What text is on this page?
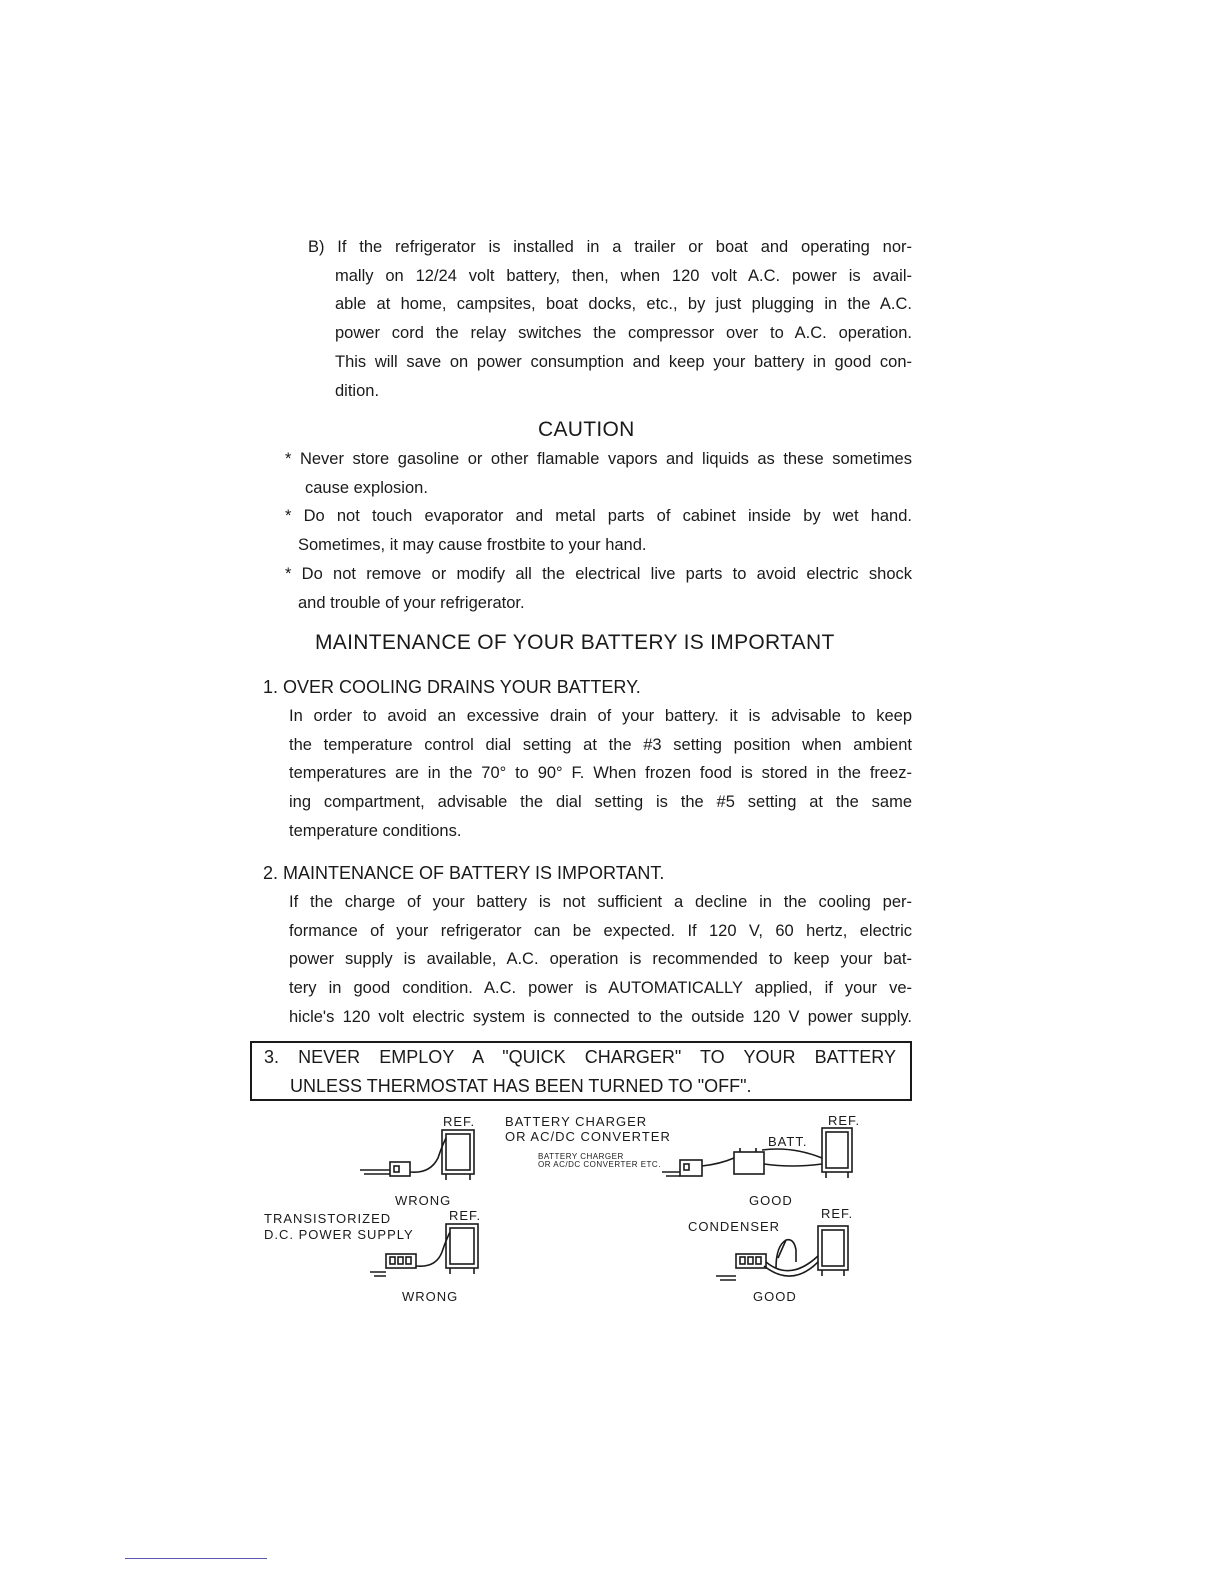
B) If the refrigerator is installed in a trailer or boat and operating nor-
mally on 12/24 volt battery, then, when 120 volt A.C. power is avail-
able at home, campsites, boat docks, etc., by just plugging in the A.C.
power cord the relay switches the compressor over to A.C. operation.
This will save on power consumption and keep your battery in good con-
dition.
CAUTION
* Never store gasoline or other flamable vapors and liquids as these sometimes
cause explosion.
* Do not touch evaporator and metal parts of cabinet inside by wet hand.
Sometimes, it may cause frostbite to your hand.
* Do not remove or modify all the electrical live parts to avoid electric shock
and trouble of your refrigerator.
MAINTENANCE OF YOUR BATTERY IS IMPORTANT
1. OVER COOLING DRAINS YOUR BATTERY.
In order to avoid an excessive drain of your battery. it is advisable to keep
the temperature control dial setting at the #3 setting position when ambient
temperatures are in the 70° to 90° F. When frozen food is stored in the freez-
ing compartment, advisable the dial setting is the #5 setting at the same
temperature conditions.
2. MAINTENANCE OF BATTERY IS IMPORTANT.
If the charge of your battery is not sufficient a decline in the cooling per-
formance of your refrigerator can be expected. If 120 V, 60 hertz, electric
power supply is available, A.C. operation is recommended to keep your bat-
tery in good condition. A.C. power is AUTOMATICALLY applied, if your ve-
hicle's 120 volt electric system is connected to the outside 120 V power supply.
3. NEVER EMPLOY A "QUICK CHARGER" TO YOUR BATTERY
UNLESS THERMOSTAT HAS BEEN TURNED TO "OFF".
REF.
WRONG
BATTERY CHARGER
OR AC/DC CONVERTER
BATTERY CHARGER
OR AC/DC CONVERTER ETC.
BATT.
REF.
GOOD
TRANSISTORIZED
D.C. POWER SUPPLY
REF.
WRONG
CONDENSER
REF.
GOOD
